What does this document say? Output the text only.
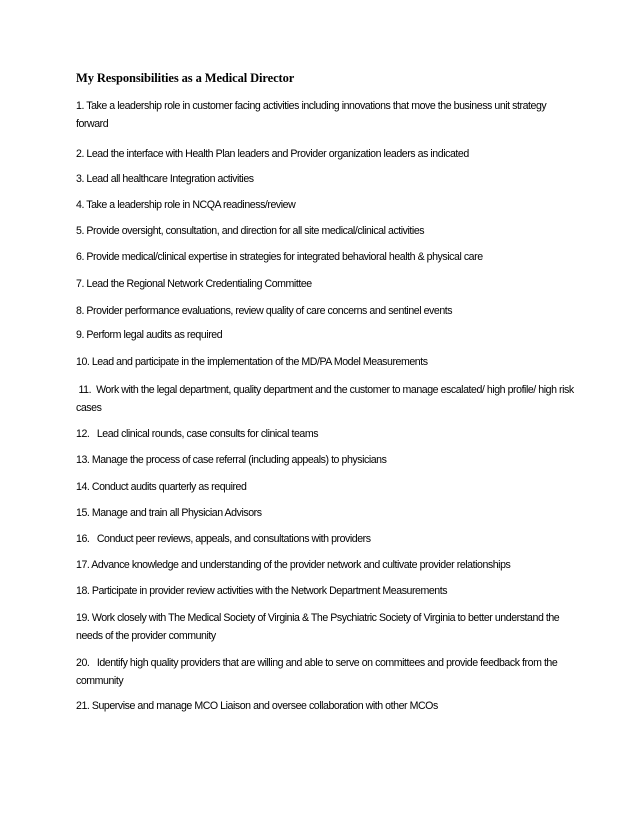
My Responsibilities as a Medical Director
1. Take a leadership role in customer facing activities including innovations that move the business unit strategy forward
2. Lead the interface with Health Plan leaders and Provider organization leaders as indicated
3. Lead all healthcare Integration activities
4. Take a leadership role in NCQA readiness/review
5. Provide oversight, consultation, and direction for all site medical/clinical activities
6. Provide medical/clinical expertise in strategies for integrated behavioral health & physical care
7. Lead the Regional Network Credentialing Committee
8. Provider performance evaluations, review quality of care concerns and sentinel events
9. Perform legal audits as required
10. Lead and participate in the implementation of the MD/PA Model Measurements
11.  Work with the legal department, quality department and the customer to manage escalated/ high profile/ high risk cases
12.   Lead clinical rounds, case consults for clinical teams
13. Manage the process of case referral (including appeals) to physicians
14. Conduct audits quarterly as required
15. Manage and train all Physician Advisors
16.   Conduct peer reviews, appeals, and consultations with providers
17. Advance knowledge and understanding of the provider network and cultivate provider relationships
18. Participate in provider review activities with the Network Department Measurements
19. Work closely with The Medical Society of Virginia & The Psychiatric Society of Virginia to better understand the needs of the provider community
20.   Identify high quality providers that are willing and able to serve on committees and provide feedback from the community
21. Supervise and manage MCO Liaison and oversee collaboration with other MCOs
